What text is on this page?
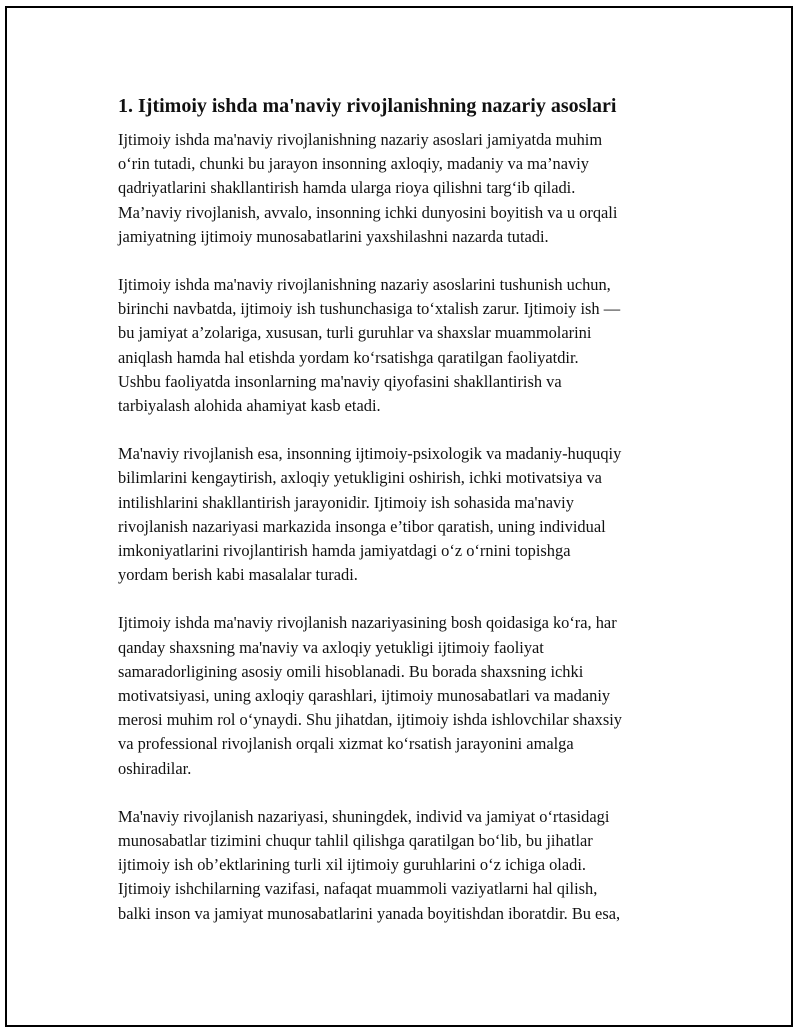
1. Ijtimoiy ishda ma'naviy rivojlanishning nazariy asoslari

Ijtimoiy ishda ma'naviy rivojlanishning nazariy asoslari jamiyatda muhim
o‘rin tutadi, chunki bu jarayon insonning axloqiy, madaniy va ma’naviy
qadriyatlarini shakllantirish hamda ularga rioya qilishni targ‘ib qiladi.
Ma’naviy rivojlanish, avvalo, insonning ichki dunyosini boyitish va u orqali
jamiyatning ijtimoiy munosabatlarini yaxshilashni nazarda tutadi.

Ijtimoiy ishda ma'naviy rivojlanishning nazariy asoslarini tushunish uchun,
birinchi navbatda, ijtimoiy ish tushunchasiga to‘xtalish zarur. Ijtimoiy ish —
bu jamiyat a’zolariga, xususan, turli guruhlar va shaxslar muammolarini
aniqlash hamda hal etishda yordam ko‘rsatishga qaratilgan faoliyatdir.
Ushbu faoliyatda insonlarning ma'naviy qiyofasini shakllantirish va
tarbiyalash alohida ahamiyat kasb etadi.

Ma'naviy rivojlanish esa, insonning ijtimoiy-psixologik va madaniy-huquqiy
bilimlarini kengaytirish, axloqiy yetukligini oshirish, ichki motivatsiya va
intilishlarini shakllantirish jarayonidir. Ijtimoiy ish sohasida ma'naviy
rivojlanish nazariyasi markazida insonga e’tibor qaratish, uning individual
imkoniyatlarini rivojlantirish hamda jamiyatdagi o‘z o‘rnini topishga
yordam berish kabi masalalar turadi.

Ijtimoiy ishda ma'naviy rivojlanish nazariyasining bosh qoidasiga ko‘ra, har
qanday shaxsning ma'naviy va axloqiy yetukligi ijtimoiy faoliyat
samaradorligining asosiy omili hisoblanadi. Bu borada shaxsning ichki
motivatsiyasi, uning axloqiy qarashlari, ijtimoiy munosabatlari va madaniy
merosi muhim rol o‘ynaydi. Shu jihatdan, ijtimoiy ishda ishlovchilar shaxsiy
va professional rivojlanish orqali xizmat ko‘rsatish jarayonini amalga
oshiradilar.

Ma'naviy rivojlanish nazariyasi, shuningdek, individ va jamiyat o‘rtasidagi
munosabatlar tizimini chuqur tahlil qilishga qaratilgan bo‘lib, bu jihatlar
ijtimoiy ish ob’ektlarining turli xil ijtimoiy guruhlarini o‘z ichiga oladi.
Ijtimoiy ishchilarning vazifasi, nafaqat muammoli vaziyatlarni hal qilish,
balki inson va jamiyat munosabatlarini yanada boyitishdan iboratdir. Bu esa,
